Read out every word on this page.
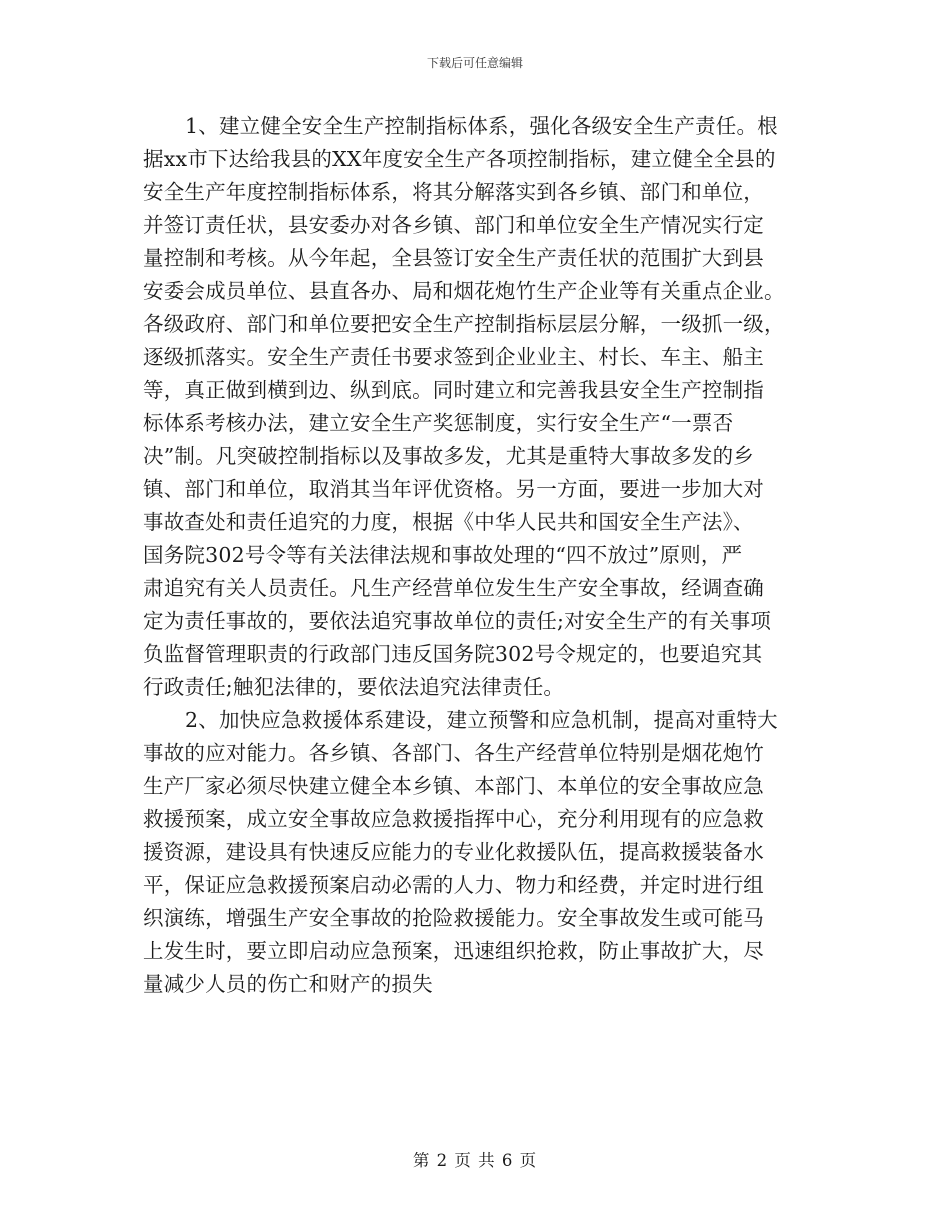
下载后可任意编辑
1、建立健全安全生产控制指标体系，强化各级安全生产责任。根
据xx市下达给我县的XX年度安全生产各项控制指标，建立健全全县的
安全生产年度控制指标体系，将其分解落实到各乡镇、部门和单位，
并签订责任状，县安委办对各乡镇、部门和单位安全生产情况实行定
量控制和考核。从今年起，全县签订安全生产责任状的范围扩大到县
安委会成员单位、县直各办、局和烟花炮竹生产企业等有关重点企业。
各级政府、部门和单位要把安全生产控制指标层层分解，一级抓一级，
逐级抓落实。安全生产责任书要求签到企业业主、村长、车主、船主
等，真正做到横到边、纵到底。同时建立和完善我县安全生产控制指
标体系考核办法，建立安全生产奖惩制度，实行安全生产“一票否
决”制。凡突破控制指标以及事故多发，尤其是重特大事故多发的乡
镇、部门和单位，取消其当年评优资格。另一方面，要进一步加大对
事故查处和责任追究的力度，根据《中华人民共和国安全生产法》、
国务院302号令等有关法律法规和事故处理的“四不放过”原则，严
肃追究有关人员责任。凡生产经营单位发生生产安全事故，经调查确
定为责任事故的，要依法追究事故单位的责任;对安全生产的有关事项
负监督管理职责的行政部门违反国务院302号令规定的，也要追究其
行政责任;触犯法律的，要依法追究法律责任。
2、加快应急救援体系建设，建立预警和应急机制，提高对重特大
事故的应对能力。各乡镇、各部门、各生产经营单位特别是烟花炮竹
生产厂家必须尽快建立健全本乡镇、本部门、本单位的安全事故应急
救援预案，成立安全事故应急救援指挥中心，充分利用现有的应急救
援资源，建设具有快速反应能力的专业化救援队伍，提高救援装备水
平，保证应急救援预案启动必需的人力、物力和经费，并定时进行组
织演练，增强生产安全事故的抢险救援能力。安全事故发生或可能马
上发生时，要立即启动应急预案，迅速组织抢救，防止事故扩大，尽
量减少人员的伤亡和财产的损失
第 2 页 共 6 页
